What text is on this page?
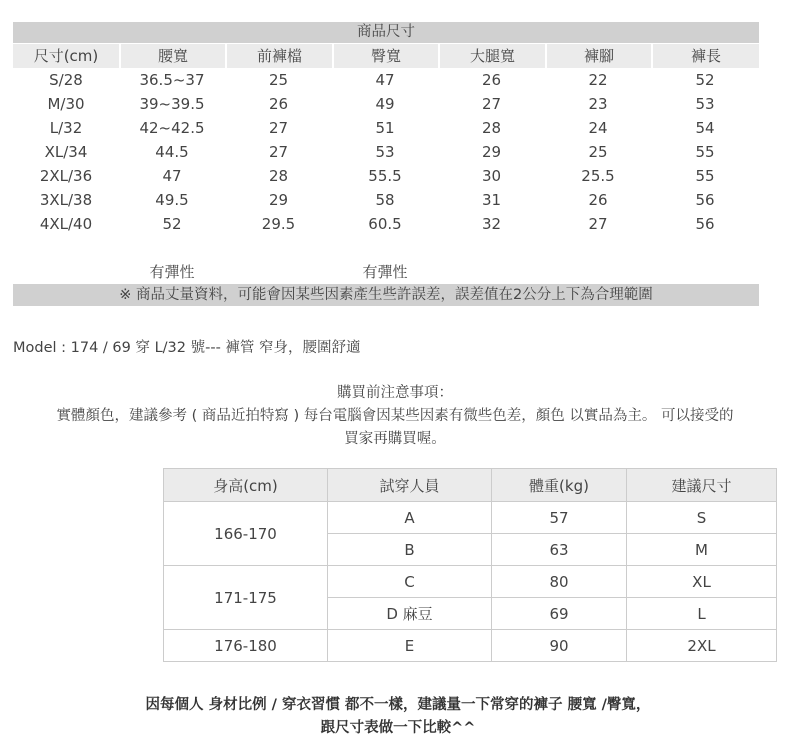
商品尺寸
尺寸(cm)	腰寬	前褲檔	臀寬	大腿寬	褲腳	褲長
S/28	36.5~37	25	47	26	22	52
M/30	39~39.5	26	49	27	23	53
L/32	42~42.5	27	51	28	24	54
XL/34	44.5	27	53	29	25	55
2XL/36	47	28	55.5	30	25.5	55
3XL/38	49.5	29	58	31	26	56
4XL/40	52	29.5	60.5	32	27	56
有彈性	有彈性
※ 商品丈量資料，可能會因某些因素產生些許誤差，誤差值在2公分上下為合理範圍
Model : 174 / 69 穿 L/32 號--- 褲管 窄身，腰圍舒適
購買前注意事項：
實體顏色，建議參考 ( 商品近拍特寫 ) 每台電腦會因某些因素有微些色差，顏色 以實品為主。 可以接受的
買家再購買喔。
身高(cm)	試穿人員	體重(kg)	建議尺寸
166-170	A	57	S
	B	63	M
171-175	C	80	XL
	D 麻豆	69	L
176-180	E	90	2XL
因每個人 身材比例 / 穿衣習慣 都不一樣，建議量一下常穿的褲子 腰寬 /臀寬，
跟尺寸表做一下比較^^
